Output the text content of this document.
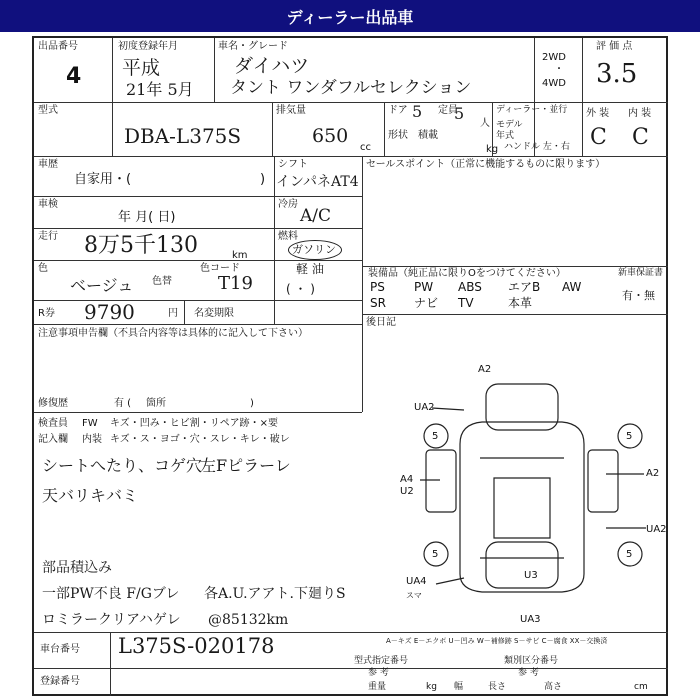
ディーラー出品車
出品番号
4
初度登録年月
平成
21年 5月
車名・グレード
ダイハツ
タント ワンダフルセレクション
2WD
・
4WD
評 価 点
3.5
型式
DBA-L375S
排気量
650
cc
ドア 5 定員
5
人
形状 積載
kg
ディーラー・並行
モデル 年式
ハンドル 左・右
外 装 内 装
C C
車歴
自家用・(	)
車検
年 月( 日)
走行 8万5千130	km
色
ベージュ 色替
色コード
T19
R券 9790	円 名変期限
シフト
インパネAT4
冷房
A/C
燃料
ガソリン
軽 油
( ・ )
セールスポイント（正常に機能するものに限ります）
装備品（純正品に限りOをつけてください）
PS PW ABS エアB AW
SR ナビ TV	本革
新車保証書
有・無
後日記
注意事項申告欄（不具合内容等は具体的に記入して下さい）
修復歴	有 ( 箇所	)
検査員 FW キズ・凹み・ヒビ割・リペア跡・×要
記入欄 内装 キズ・ス・ヨゴ・穴・スレ・キレ・破レ
シートへたり、コゲ穴
左Fピラーレ
天バリキバミ
部品積込み
一部PW不良 F/Gブレ 各A.U.アアト.下廻りS
ロミラークリアハゲレ @85132km
A2
UA2
5	5
A4
U2
A2
UA2
5	5
UA4
U3
UA3
スマ
車台番号 L375S-020178
登録番号
A－キズ E－エクボ U－凹み W－補修跡 S－サビ C－腐食 XX－交換済
型式指定番号
参 考
類別区分番号
参 考
重量	kg 幅	長さ	高さ	cm
